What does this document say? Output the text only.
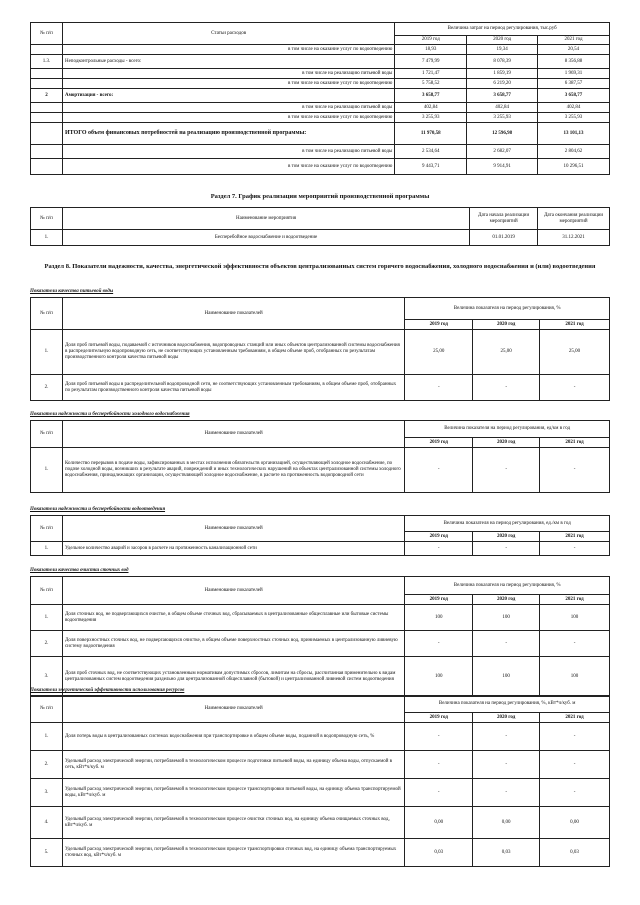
№ п/п	Статьи расходов	Величина затрат на период регулирования, тыс.руб		
		2019 год	2020 год	2021 год
	в том числе на оказание услуг по водоотведению	18,93	19,34	20,54
1.3.	Неподконтрольные расходы - всего:	7 479,99	8 078,39	8 356,88
	в том числе на реализацию питьевой воды	1 721,47	1 859,19	1 969,31
	в том числе на оказание услуг по водоотведению	5 758,52	6 219,20	6 387,57
2	Амортизация - всего:	3 658,77	3 658,77	3 658,77
	в том числе на реализацию питьевой воды	402,84	402,84	402,84
	в том числе на оказание услуг по водоотведению	3 255,93	3 255,93	3 255,93
	ИТОГО объем финансовых потребностей на реализацию производственной программы:	11 970,58	12 596,98	13 101,13
	в том числе на реализацию питьевой воды	2 534,64	2 682,07	2 804,62
	в том числе на оказание услуг по водоотведению	9 443,71	9 914,91	10 296,51
Раздел 7. График реализации мероприятий производственной программы
№ п/п	Наименование мероприятия	Дата начала реализации мероприятий	Дата окончания реализации мероприятий
1.	Бесперебойное водоснабжение и водоотведение	01.01.2019	31.12.2021
Раздел 8. Показатели надежности, качества, энергетической эффективности объектов централизованных систем горячего водоснабжения, холодного водоснабжения и (или) водоотведения
Показатели качества питьевой воды
№ п/п	Наименование показателей	Величина показателя на период регулирования, %		
		2019 год	2020 год	2021 год
1.	Доля проб питьевой воды, подаваемой с источников водоснабжения, водопроводных станций или иных объектов централизованной системы водоснабжения в распределительную водопроводную сеть, не соответствующих установленным требованиям, в общем объеме проб, отобранных по результатам производственного контроля качества питьевой воды	25,00	25,00	25,00
2.	Доля проб питьевой воды в распределительной водопроводной сети, не соответствующих установленным требованиям, в общем объеме проб, отобранных по результатам производственного контроля качества питьевой воды	-	-	-
Показатели надежности и бесперебойности холодного водоснабжения
№ п/п	Наименование показателей	Величина показателя на период регулирования, ед/км в год		
		2019 год	2020 год	2021 год
1.	Количество перерывов в подаче воды, зафиксированных в местах исполнения обязательств организацией, осуществляющей холодное водоснабжение, по подаче холодной воды, возникших в результате аварий, повреждений и иных технологических нарушений на объектах централизованной системы холодного водоснабжения, принадлежащих организации, осуществляющей холодное водоснабжение, в расчете на протяженность водопроводной сети	-	-	-
Показатели надежности и бесперебойности водоотведения
№ п/п	Наименование показателей	Величина показателя на период регулирования, ед./км в год		
		2019 год	2020 год	2021 год
1.	Удельное количество аварий и засоров в расчете на протяженность канализационной сети	-	-	-
Показатели качества очистки сточных вод
№ п/п	Наименование показателей	Величина показателя на период регулирования, %		
		2019 год	2020 год	2021 год
1.	Доля сточных вод, не подвергающихся очистке, в общем объеме сточных вод, сбрасываемых в централизованные общесплавные или бытовые системы водоотведения	100	100	100
2.	Доля поверхностных сточных вод, не подвергающихся очистке, в общем объеме поверхностных сточных вод, принимаемых в централизованную ливневую систему водоотведения	-	-	-
3.	Доля проб сточных вод, не соответствующих установленным нормативам допустимых сбросов, лимитам на сбросы, рассчитанная применительно к видам централизованных систем водоотведения раздельно для централизованной общесплавной (бытовой) и централизованной ливневой систем водоотведения	100	100	100
Показатели энергетической эффективности использования ресурсов
№ п/п	Наименование показателей	Величина показателя на период регулирования, %, кВт*ч/куб. м		
		2019 год	2020 год	2021 год
1.	Доля потерь воды в централизованных системах водоснабжения при транспортировке в общем объеме воды, поданной в водопроводную сеть, %	-	-	-
2.	Удельный расход электрической энергии, потребляемой в технологическом процессе подготовки питьевой воды, на единицу объема воды, отпускаемой в сеть, кВт*ч/куб. м	-	-	-
3.	Удельный расход электрической энергии, потребляемой в технологическом процессе транспортировки питьевой воды, на единицу объема транспортируемой воды, кВт*ч/куб. м	-	-	-
4.	Удельный расход электрической энергии, потребляемой в технологическом процессе очистки сточных вод, на единицу объема очищаемых сточных вод, кВт*ч/куб. м	0,00	0,00	0,00
5.	Удельный расход электрической энергии, потребляемой в технологическом процессе транспортировки сточных вод, на единицу объема транспортируемых сточных вод, кВт*ч/куб. м	0,03	0,03	0,03
